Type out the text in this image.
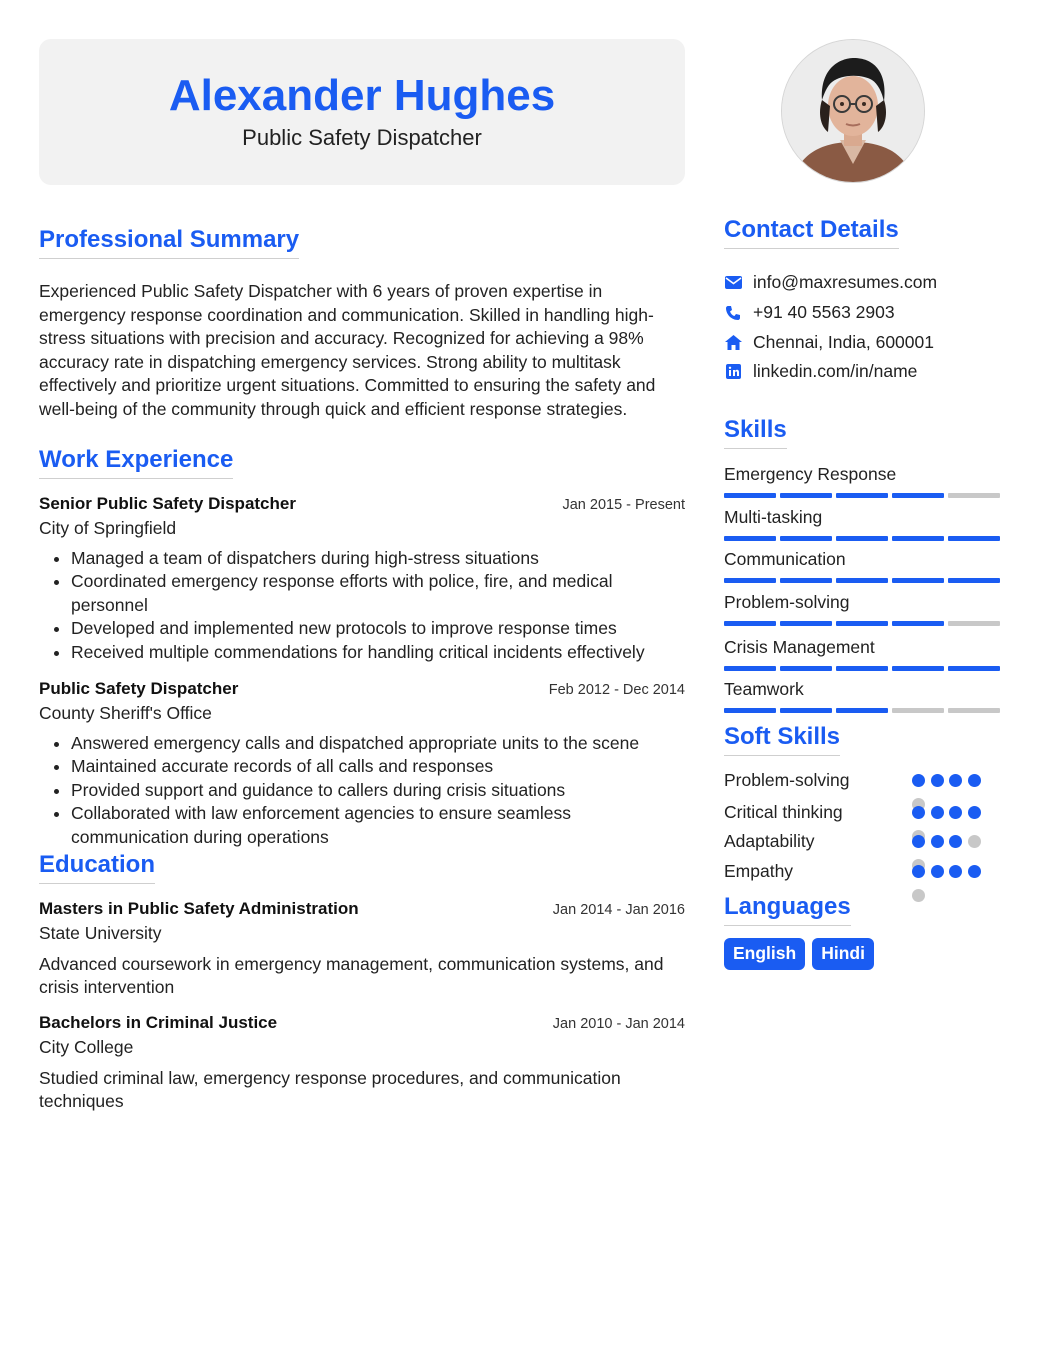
Alexander Hughes
Public Safety Dispatcher
Professional Summary
Experienced Public Safety Dispatcher with 6 years of proven expertise in emergency response coordination and communication. Skilled in handling high-stress situations with precision and accuracy. Recognized for achieving a 98% accuracy rate in dispatching emergency services. Strong ability to multitask effectively and prioritize urgent situations. Committed to ensuring the safety and well-being of the community through quick and efficient response strategies.
Work Experience
Senior Public Safety Dispatcher	Jan 2015 - Present
City of Springfield
• Managed a team of dispatchers during high-stress situations
• Coordinated emergency response efforts with police, fire, and medical personnel
• Developed and implemented new protocols to improve response times
• Received multiple commendations for handling critical incidents effectively
Public Safety Dispatcher	Feb 2012 - Dec 2014
County Sheriff's Office
• Answered emergency calls and dispatched appropriate units to the scene
• Maintained accurate records of all calls and responses
• Provided support and guidance to callers during crisis situations
• Collaborated with law enforcement agencies to ensure seamless communication during operations
Education
Masters in Public Safety Administration	Jan 2014 - Jan 2016
State University
Advanced coursework in emergency management, communication systems, and crisis intervention
Bachelors in Criminal Justice	Jan 2010 - Jan 2014
City College
Studied criminal law, emergency response procedures, and communication techniques
Contact Details
info@maxresumes.com
+91 40 5563 2903
Chennai, India, 600001
linkedin.com/in/name
Skills
Emergency Response
Multi-tasking
Communication
Problem-solving
Crisis Management
Teamwork
Soft Skills
Problem-solving
Critical thinking
Adaptability
Empathy
Languages
English	Hindi
